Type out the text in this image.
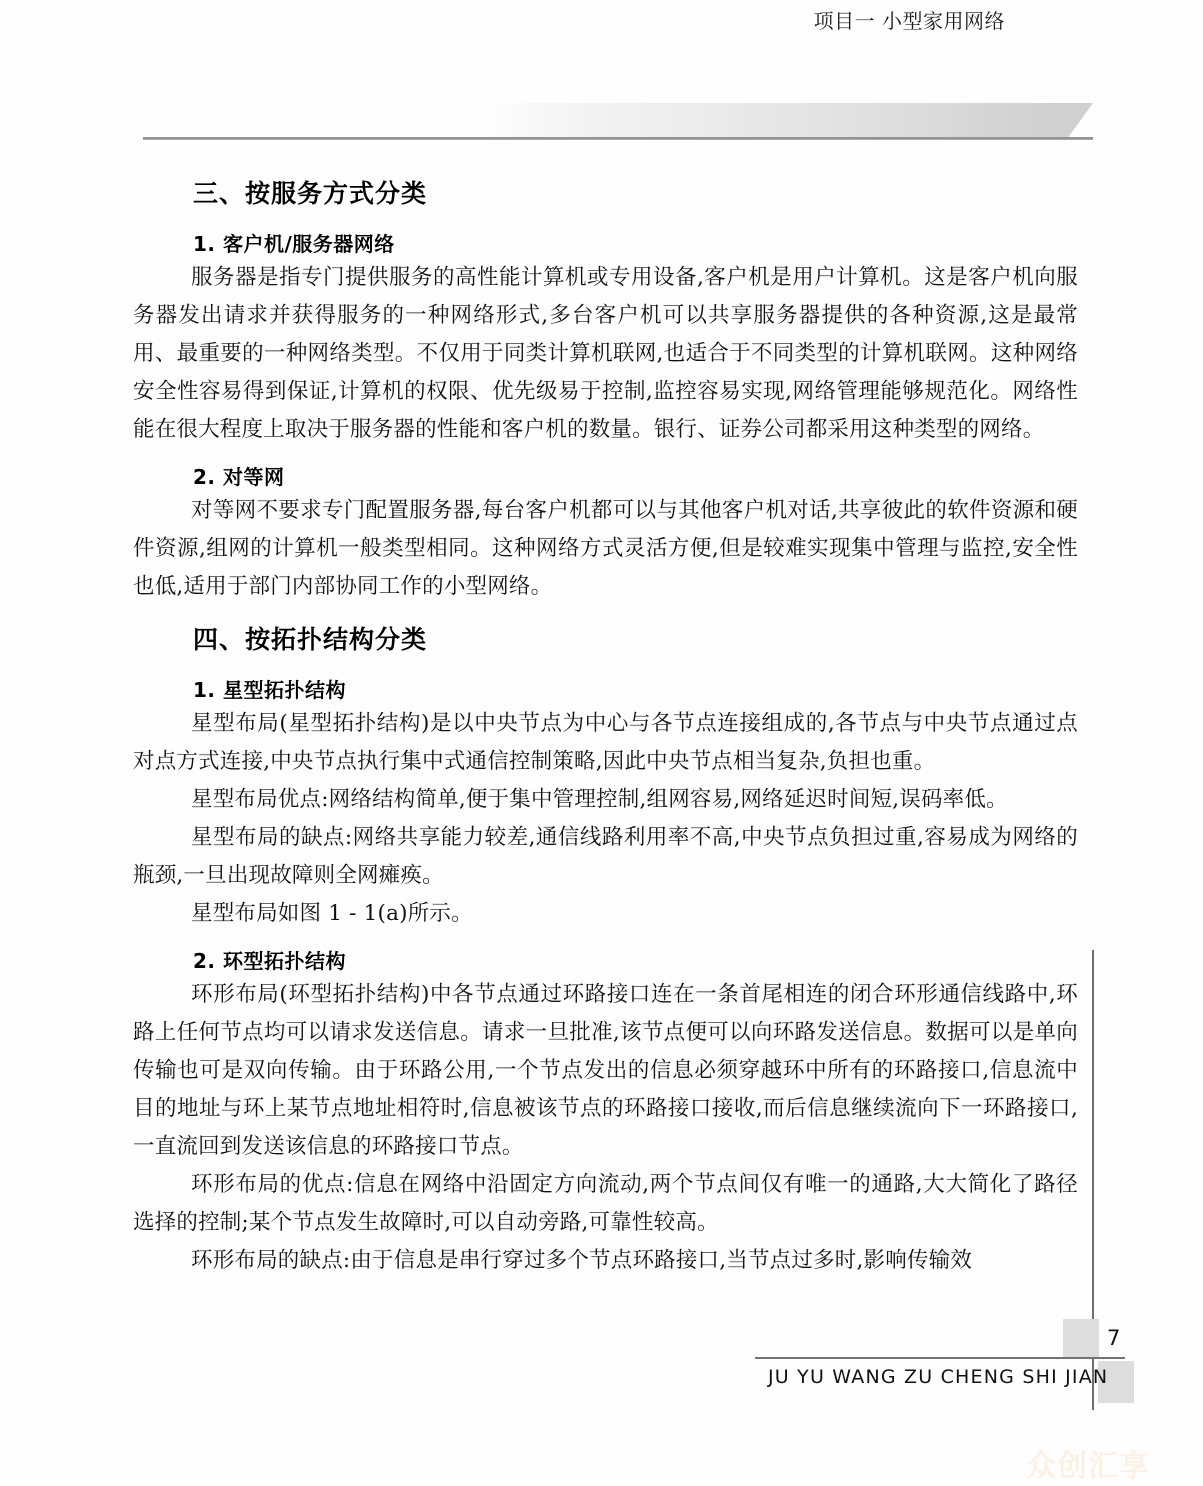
项目一 小型家用网络
三、按服务方式分类
1. 客户机/服务器网络

服务器是指专门提供服务的高性能计算机或专用设备,客户机是用户计算机。这是客户机向服务器发出请求并获得服务的一种网络形式,多台客户机可以共享服务器提供的各种资源,这是最常用、最重要的一种网络类型。不仅用于同类计算机联网,也适合于不同类型的计算机联网。这种网络安全性容易得到保证,计算机的权限、优先级易于控制,监控容易实现,网络管理能够规范化。网络性能在很大程度上取决于服务器的性能和客户机的数量。银行、证券公司都采用这种类型的网络。

2. 对等网

对等网不要求专门配置服务器,每台客户机都可以与其他客户机对话,共享彼此的软件资源和硬件资源,组网的计算机一般类型相同。这种网络方式灵活方便,但是较难实现集中管理与监控,安全性也低,适用于部门内部协同工作的小型网络。

四、按拓扑结构分类
1. 星型拓扑结构

星型布局(星型拓扑结构)是以中央节点为中心与各节点连接组成的,各节点与中央节点通过点对点方式连接,中央节点执行集中式通信控制策略,因此中央节点相当复杂,负担也重。

星型布局优点:网络结构简单,便于集中管理控制,组网容易,网络延迟时间短,误码率低。

星型布局的缺点:网络共享能力较差,通信线路利用率不高,中央节点负担过重,容易成为网络的瓶颈,一旦出现故障则全网瘫痪。

星型布局如图 1 - 1(a)所示。

2. 环型拓扑结构

环形布局(环型拓扑结构)中各节点通过环路接口连在一条首尾相连的闭合环形通信线路中,环路上任何节点均可以请求发送信息。请求一旦批准,该节点便可以向环路发送信息。数据可以是单向传输也可是双向传输。由于环路公用,一个节点发出的信息必须穿越环中所有的环路接口,信息流中目的地址与环上某节点地址相符时,信息被该节点的环路接口接收,而后信息继续流向下一环路接口,一直流回到发送该信息的环路接口节点。

环形布局的优点:信息在网络中沿固定方向流动,两个节点间仅有唯一的通路,大大简化了路径选择的控制;某个节点发生故障时,可以自动旁路,可靠性较高。

环形布局的缺点:由于信息是串行穿过多个节点环路接口,当节点过多时,影响传输效

JU YU WANG ZU CHENG SHI JIAN
7
众创汇享
